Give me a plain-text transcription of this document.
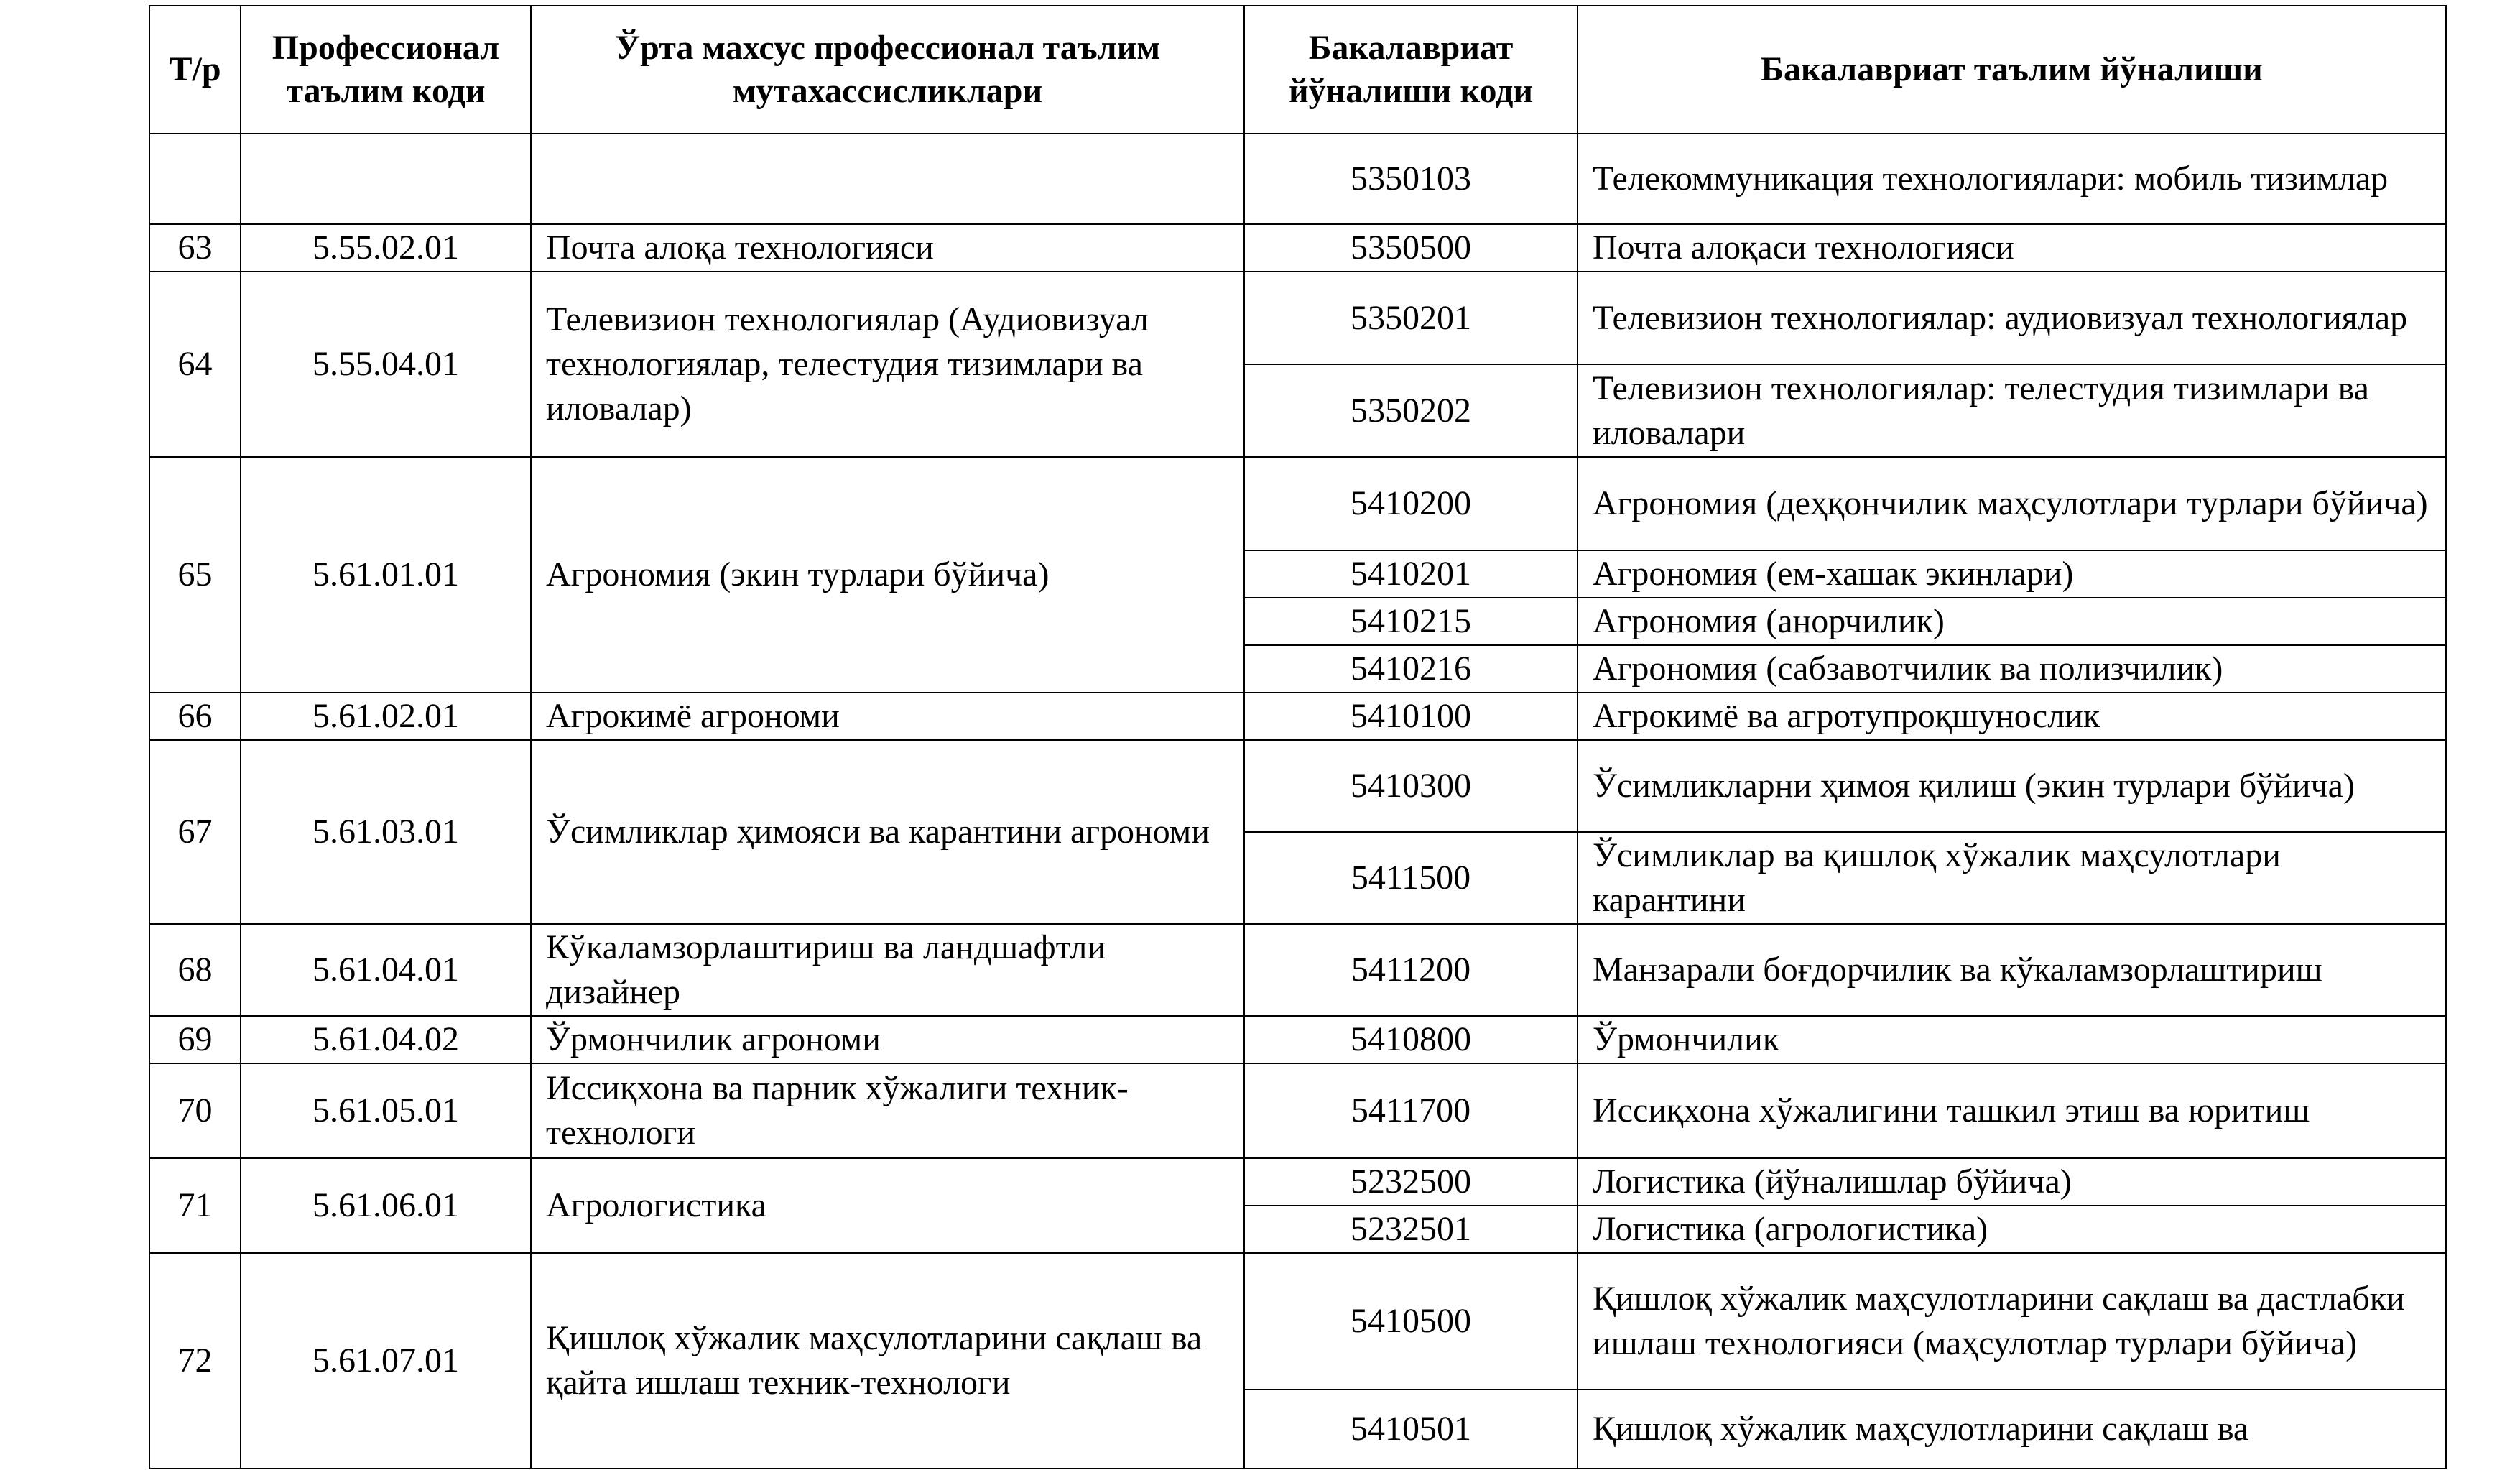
Т/р	Профессионал таълим коди	Ўрта махсус профессионал таълим мутахассисликлари	Бакалавриат йўналиши коди	Бакалавриат таълим йўналиши
			5350103	Телекоммуникация технологиялари: мобиль тизимлар
63	5.55.02.01	Почта алоқа технологияси	5350500	Почта алоқаси технологияси
64	5.55.04.01	Телевизион технологиялар (Аудиовизуал технологиялар, телестудия тизимлари ва иловалар)	5350201	Телевизион технологиялар: аудиовизуал технологиялар
			5350202	Телевизион технологиялар: телестудия тизимлари ва иловалари
65	5.61.01.01	Агрономия (экин турлари бўйича)	5410200	Агрономия (деҳқончилик маҳсулотлари турлари бўйича)
			5410201	Агрономия (ем-хашак экинлари)
			5410215	Агрономия (анорчилик)
			5410216	Агрономия (сабзавотчилик ва полизчилик)
66	5.61.02.01	Агрокимё агрономи	5410100	Агрокимё ва агротупроқшунослик
67	5.61.03.01	Ўсимликлар ҳимояси ва карантини агрономи	5410300	Ўсимликларни ҳимоя қилиш (экин турлари бўйича)
			5411500	Ўсимликлар ва қишлоқ хўжалик маҳсулотлари карантини
68	5.61.04.01	Кўкаламзорлаштириш ва ландшафтли дизайнер	5411200	Манзарали боғдорчилик ва кўкаламзорлаштириш
69	5.61.04.02	Ўрмончилик агрономи	5410800	Ўрмончилик
70	5.61.05.01	Иссиқхона ва парник хўжалиги техник-технологи	5411700	Иссиқхона хўжалигини ташкил этиш ва юритиш
71	5.61.06.01	Агрологистика	5232500	Логистика (йўналишлар бўйича)
			5232501	Логистика (агрологистика)
72	5.61.07.01	Қишлоқ хўжалик маҳсулотларини сақлаш ва қайта ишлаш техник-технологи	5410500	Қишлоқ хўжалик маҳсулотларини сақлаш ва дастлабки ишлаш технологияси (маҳсулотлар турлари бўйича)
			5410501	Қишлоқ хўжалик маҳсулотларини сақлаш ва
